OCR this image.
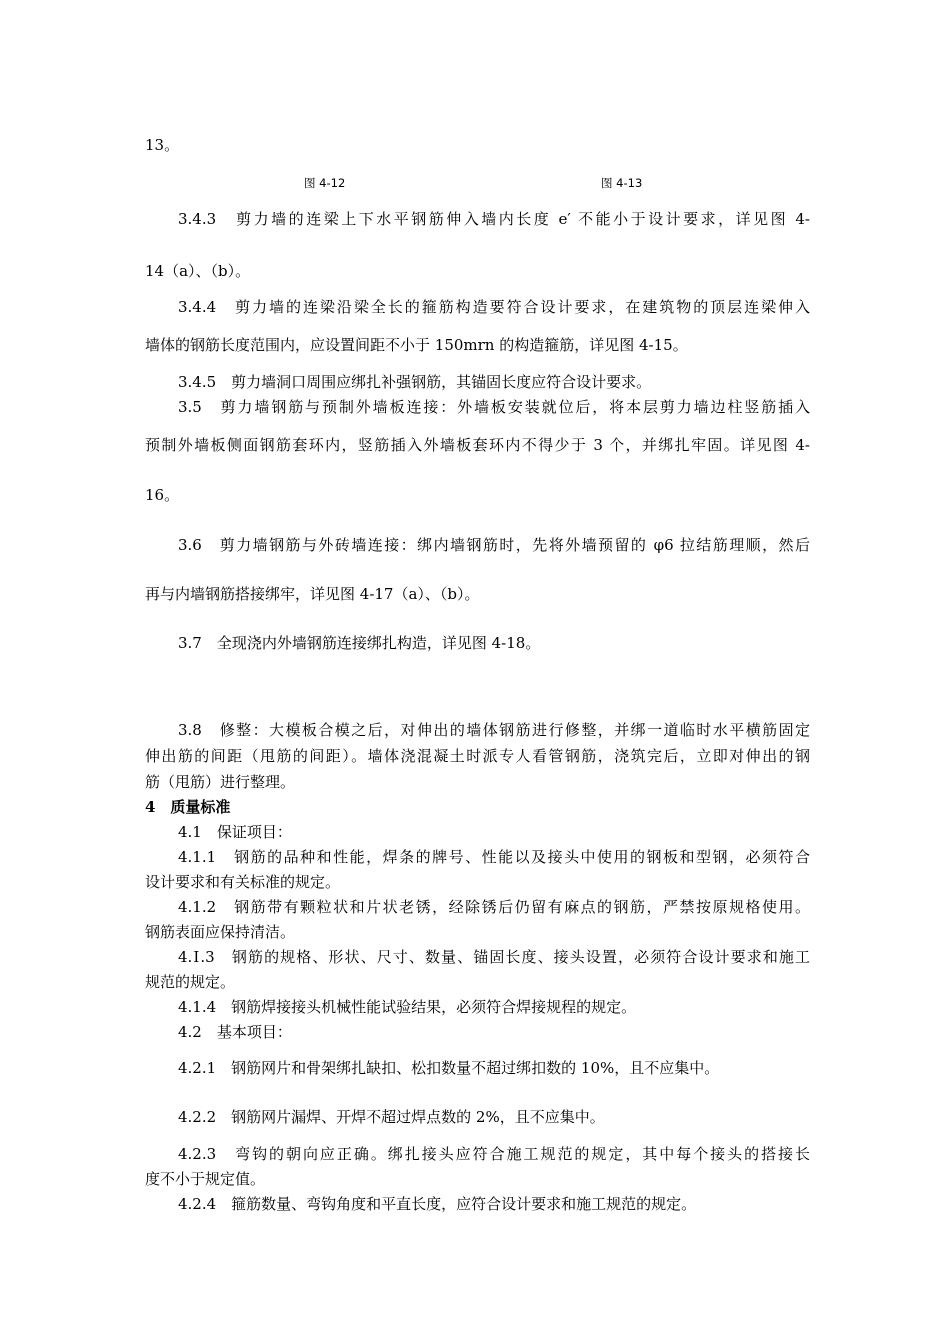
13。
图 4-12	图 4-13
3.4.3　剪力墙的连梁上下水平钢筋伸入墙内长度 e′ 不能小于设计要求，详见图 4-
14（a）、（b）。
3.4.4　剪力墙的连梁沿梁全长的箍筋构造要符合设计要求，在建筑物的顶层连梁伸入
墙体的钢筋长度范围内，应设置间距不小于 150mrn 的构造箍筋，详见图 4-15。
3.4.5　剪力墙洞口周围应绑扎补强钢筋，其锚固长度应符合设计要求。
3.5　剪力墙钢筋与预制外墙板连接：外墙板安装就位后，将本层剪力墙边柱竖筋插入
预制外墙板侧面钢筋套环内，竖筋插入外墙板套环内不得少于 3 个，并绑扎牢固。详见图 4-
16。
3.6　剪力墙钢筋与外砖墙连接：绑内墙钢筋时，先将外墙预留的 φ6 拉结筋理顺，然后
再与内墙钢筋搭接绑牢，详见图 4-17（a）、（b）。
3.7　全现浇内外墙钢筋连接绑扎构造，详见图 4-18。
3.8　修整：大模板合模之后，对伸出的墙体钢筋进行修整，并绑一道临时水平横筋固定
伸出筋的间距（甩筋的间距）。墙体浇混凝土时派专人看管钢筋，浇筑完后，立即对伸出的钢
筋（甩筋）进行整理。
4　质量标准
4.1　保证项目：
4.1.1　钢筋的品种和性能，焊条的牌号、性能以及接头中使用的钢板和型钢，必须符合
设计要求和有关标准的规定。
4.1.2　钢筋带有颗粒状和片状老锈，经除锈后仍留有麻点的钢筋，严禁按原规格使用。
钢筋表面应保持清洁。
4.Ⅰ.3　钢筋的规格、形状、尺寸、数量、锚固长度、接头设置，必须符合设计要求和施工
规范的规定。
4.1.4　钢筋焊接接头机械性能试验结果，必须符合焊接规程的规定。
4.2　基本项目：
4.2.1　钢筋网片和骨架绑扎缺扣、松扣数量不超过绑扣数的 10%，且不应集中。
4.2.2　钢筋网片漏焊、开焊不超过焊点数的 2%，且不应集中。
4.2.3　弯钩的朝向应正确。绑扎接头应符合施工规范的规定，其中每个接头的搭接长
度不小于规定值。
4.2.4　箍筋数量、弯钩角度和平直长度，应符合设计要求和施工规范的规定。
